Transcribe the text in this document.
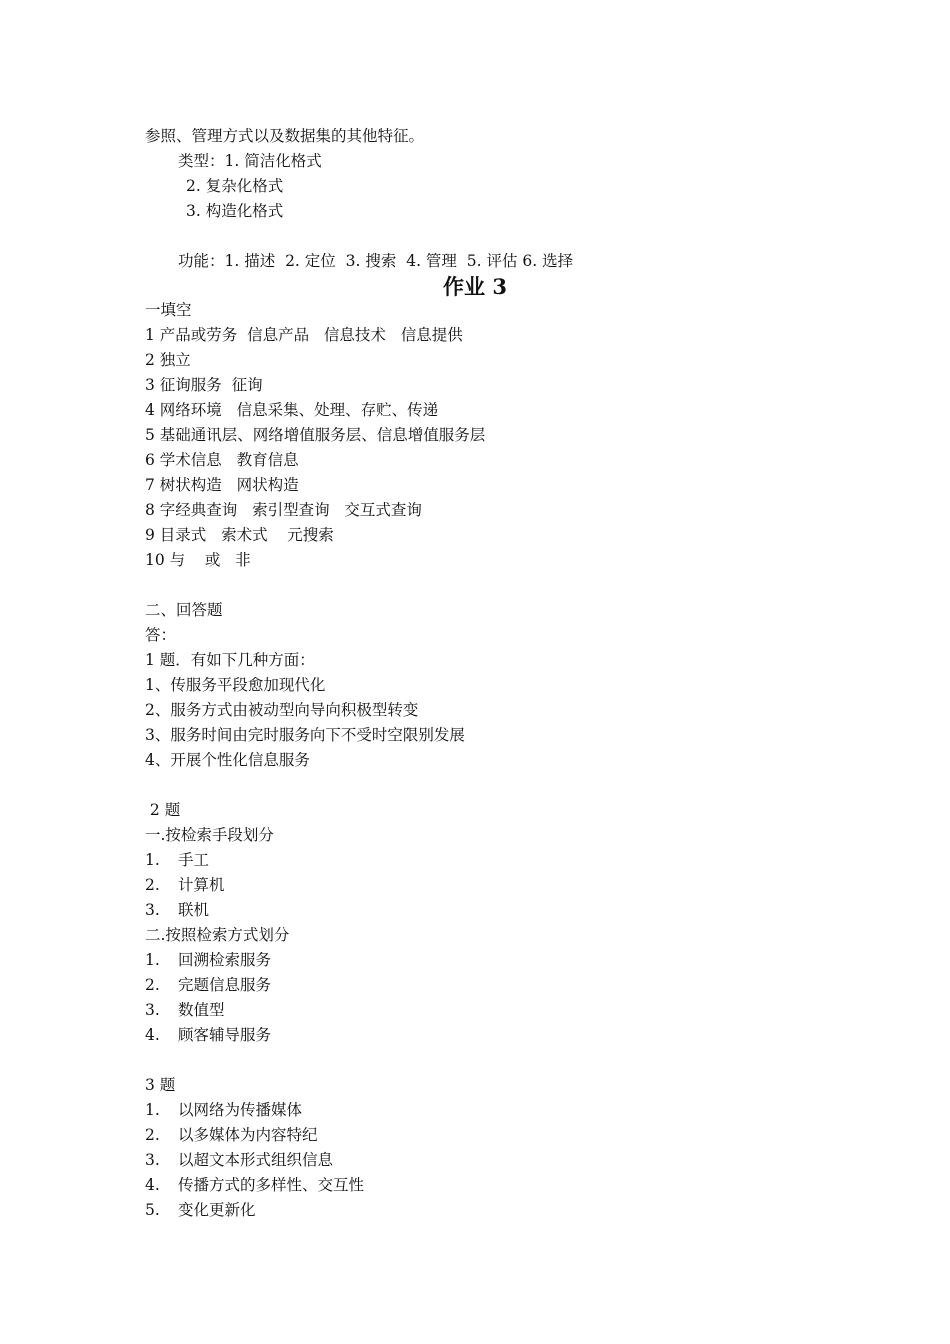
参照、管理方式以及数据集的其他特征。
类型：1. 简洁化格式
2. 复杂化格式
3. 构造化格式
功能：1. 描述  2. 定位  3. 搜索  4. 管理  5. 评估 6. 选择
作业 3
一填空
1 产品或劳务  信息产品   信息技术   信息提供
2 独立
3 征询服务  征询
4 网络环境   信息采集、处理、存贮、传递
5 基础通讯层、网络增值服务层、信息增值服务层
6 学术信息   教育信息
7 树状构造   网状构造
8 字经典查询   索引型查询   交互式查询
9 目录式   索术式    元搜索
10 与    或   非
二、回答题
答：
1 题．有如下几种方面：
1、传服务平段愈加现代化
2、服务方式由被动型向导向积极型转变
3、服务时间由完时服务向下不受时空限别发展
4、开展个性化信息服务
2 题
一.按检索手段划分
1. 手工
2. 计算机
3. 联机
二.按照检索方式划分
1. 回溯检索服务
2. 完题信息服务
3. 数值型
4. 顾客辅导服务
3 题
1. 以网络为传播媒体
2. 以多媒体为内容特纪
3. 以超文本形式组织信息
4. 传播方式的多样性、交互性
5. 变化更新化
